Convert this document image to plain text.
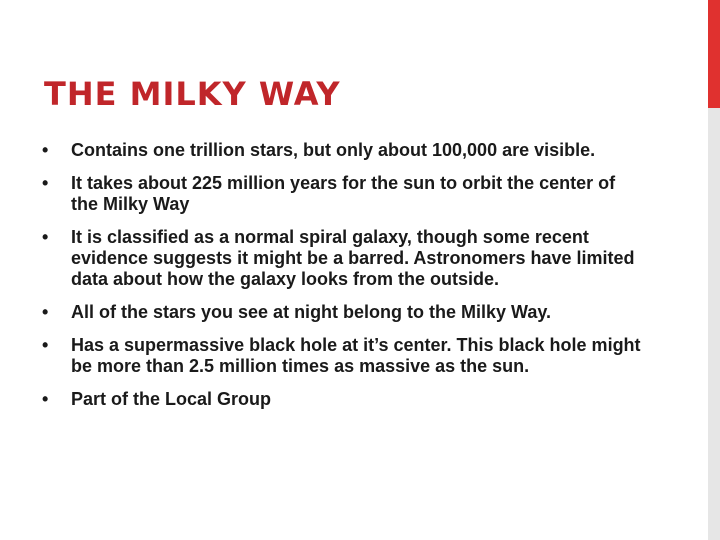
THE MILKY WAY
• Contains one trillion stars, but only about 100,000 are visible.
• It takes about 225 million years for the sun to orbit the center of the Milky Way
• It is classified as a normal spiral galaxy, though some recent evidence suggests it might be a barred. Astronomers have limited data about how the galaxy looks from the outside.
• All of the stars you see at night belong to the Milky Way.
• Has a supermassive black hole at it’s center. This black hole might be more than 2.5 million times as massive as the sun.
• Part of the Local Group
